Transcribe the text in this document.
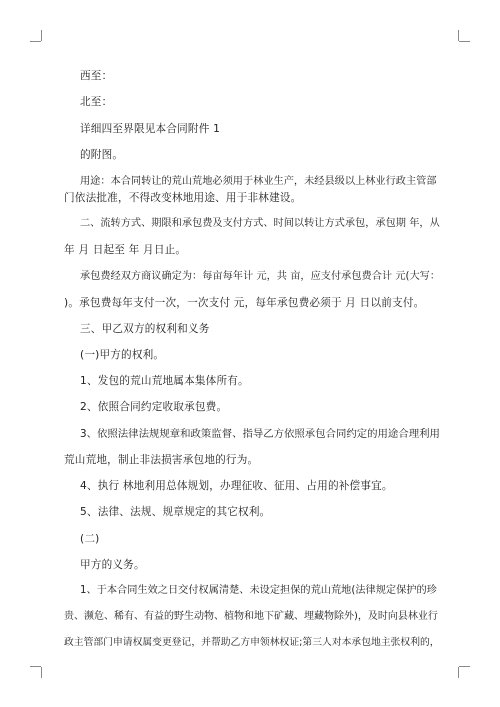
西至：
北至：
详细四至界限见本合同附件 1
的附图。
用途：本合同转让的荒山荒地必须用于林业生产，未经县级以上林业行政主管部
门依法批准，不得改变林地用途、用于非林建设。
二、流转方式、期限和承包费及支付方式、时间以转让方式承包，承包期 年，从
年 月 日起至 年 月日止。
承包费经双方商议确定为：每亩每年计 元，共 亩，应支付承包费合计 元(大写：
)。承包费每年支付一次，一次支付 元，每年承包费必须于 月 日以前支付。
三、甲乙双方的权利和义务
(一)甲方的权利。
1、发包的荒山荒地属本集体所有。
2、依照合同约定收取承包费。
3、依照法律法规规章和政策监督、指导乙方依照承包合同约定的用途合理利用
荒山荒地，制止非法损害承包地的行为。
4、执行 林地利用总体规划，办理征收、征用、占用的补偿事宜。
5、法律、法规、规章规定的其它权利。
(二)
甲方的义务。
1、于本合同生效之日交付权属清楚、未设定担保的荒山荒地(法律规定保护的珍
贵、濒危、稀有、有益的野生动物、植物和地下矿藏、埋藏物除外)，及时向县林业行
政主管部门申请权属变更登记，并帮助乙方申领林权证;第三人对本承包地主张权利的，
